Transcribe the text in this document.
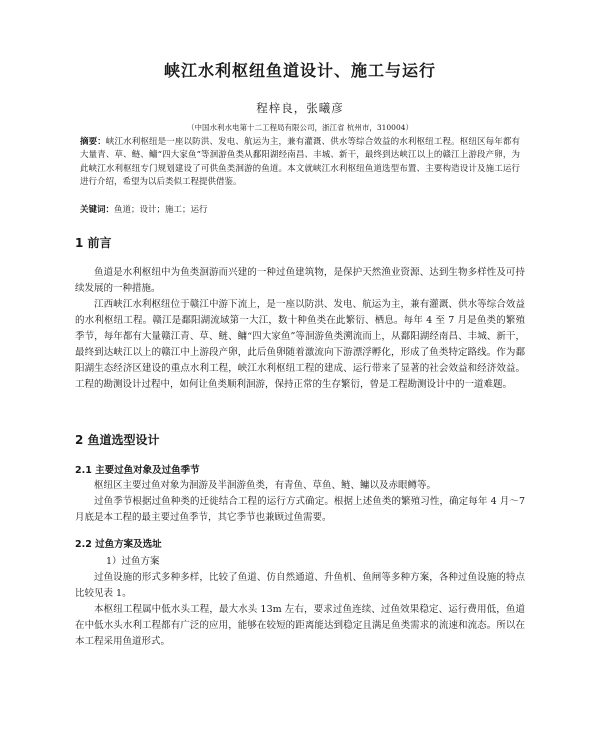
峡江水利枢纽鱼道设计、施工与运行
程梓良，张曦彦
（中国水利水电第十二工程局有限公司，浙江省 杭州市，310004）
摘要：峡江水利枢纽是一座以防洪、发电、航运为主，兼有灌溉、供水等综合效益的水利枢纽工程。枢纽区每年都有大量青、草、鲢、鳙“四大家鱼”等洄游鱼类从鄱阳湖经南昌、丰城、新干，最终到达峡江以上的赣江上游段产卵，为此峡江水利枢纽专门规划建设了可供鱼类洄游的鱼道。本文就峡江水利枢纽鱼道选型布置、主要构造设计及施工运行进行介绍，希望为以后类似工程提供借鉴。
关键词：鱼道；设计；施工；运行
1 前言
鱼道是水利枢纽中为鱼类洄游而兴建的一种过鱼建筑物，是保护天然渔业资源、达到生物多样性及可持续发展的一种措施。
江西峡江水利枢纽位于赣江中游下流上，是一座以防洪、发电、航运为主，兼有灌溉、供水等综合效益的水利枢纽工程。赣江是鄱阳湖流域第一大江，数十种鱼类在此繁衍、栖息。每年 4 至 7 月是鱼类的繁殖季节，每年都有大量赣江青、草、鲢、鳙“四大家鱼”等洄游鱼类溯流而上，从鄱阳湖经南昌、丰城、新干，最终到达峡江以上的赣江中上游段产卵，此后鱼卵随着激流向下游漂浮孵化，形成了鱼类特定路线。作为鄱阳湖生态经济区建设的重点水利工程，峡江水利枢纽工程的建成、运行带来了显著的社会效益和经济效益。工程的勘测设计过程中，如何让鱼类顺利洄游，保持正常的生存繁衍，曾是工程勘测设计中的一道难题。
2 鱼道选型设计
2.1 主要过鱼对象及过鱼季节
枢纽区主要过鱼对象为洄游及半洄游鱼类，有青鱼、草鱼、鲢、鳙以及赤眼鳟等。
过鱼季节根据过鱼种类的迁徙结合工程的运行方式确定。根据上述鱼类的繁殖习性，确定每年 4 月～7 月底是本工程的最主要过鱼季节，其它季节也兼顾过鱼需要。
2.2 过鱼方案及选址
1）过鱼方案
过鱼设施的形式多种多样，比较了鱼道、仿自然通道、升鱼机、鱼闸等多种方案，各种过鱼设施的特点比较见表 1。
本枢纽工程属中低水头工程，最大水头 13m 左右，要求过鱼连续、过鱼效果稳定、运行费用低，鱼道在中低水头水利工程都有广泛的应用，能够在较短的距离能达到稳定且满足鱼类需求的流速和流态。所以在本工程采用鱼道形式。
